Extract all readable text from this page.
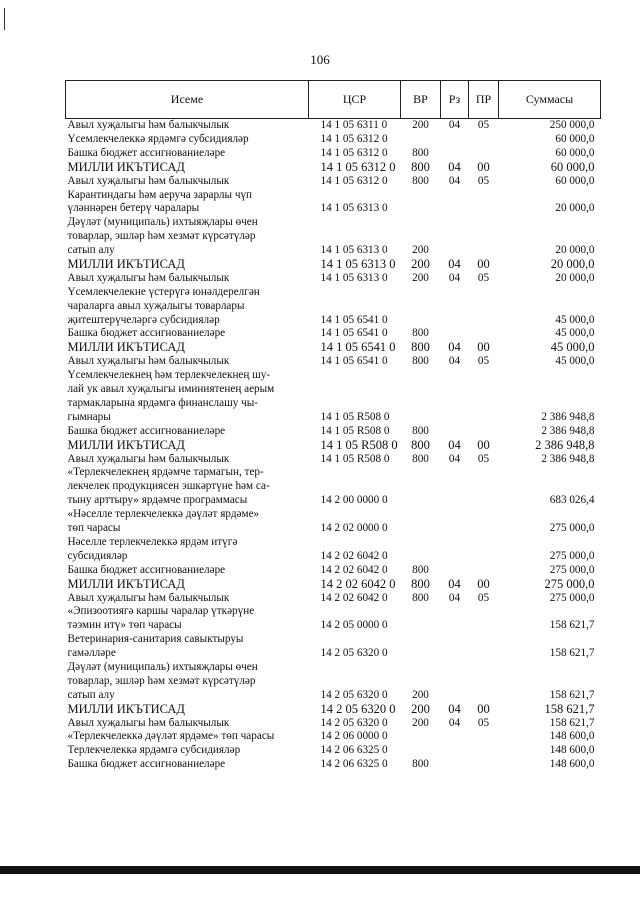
106
Исеме	ЦСР	ВР	Рз	ПР	Суммасы

Авыл хуҗалыгы һәм балыкчылык	14 1 05 6311 0	200	04	05	250 000,0

Үсемлекчелеккә ярдәмгә субсидияләр	14 1 05 6312 0				60 000,0

Башка бюджет ассигнованиеләре	14 1 05 6312 0	800			60 000,0

МИЛЛИ ИКЪТИСАД	14 1 05 6312 0	800	04	00	60 000,0

Авыл хуҗалыгы һәм балыкчылык	14 1 05 6312 0	800	04	05	60 000,0

Карантиндагы һәм аеруча зарарлы чүп
үләннәрен бетерү чаралары	14 1 05 6313 0				20 000,0

Дәүләт (муниципаль) ихтыяҗлары өчен
товарлар, эшләр һәм хезмәт күрсәтүләр
сатып алу	14 1 05 6313 0	200			20 000,0

МИЛЛИ ИКЪТИСАД	14 1 05 6313 0	200	04	00	20 000,0

Авыл хуҗалыгы һәм балыкчылык	14 1 05 6313 0	200	04	05	20 000,0

Үсемлекчелекне үстерүгә юнәлдерелгән
чараларга авыл хуҗалыгы товарлары
җитештерүчеләргә субсидияләр	14 1 05 6541 0				45 000,0

Башка бюджет ассигнованиеләре	14 1 05 6541 0	800			45 000,0

МИЛЛИ ИКЪТИСАД	14 1 05 6541 0	800	04	00	45 000,0

Авыл хуҗалыгы һәм балыкчылык	14 1 05 6541 0	800	04	05	45 000,0

Үсемлекчелекнең һәм терлекчелекнең шу-
лай ук авыл хуҗалыгы иминиятенең аерым
тармакларына ярдәмгә финанслашу чы-
гымнары	14 1 05 R508 0				2 386 948,8

Башка бюджет ассигнованиеләре	14 1 05 R508 0	800			2 386 948,8

МИЛЛИ ИКЪТИСАД	14 1 05 R508 0	800	04	00	2 386 948,8

Авыл хуҗалыгы һәм балыкчылык	14 1 05 R508 0	800	04	05	2 386 948,8

«Терлекчелекнең ярдәмче тармагын, тер-
лекчелек продукциясен эшкәртүне һәм са-
тыну арттыру» ярдәмче программасы	14 2 00 0000 0				683 026,4

«Нәселле терлекчелеккә дәүләт ярдәме»
төп чарасы	14 2 02 0000 0				275 000,0

Нәселле терлекчелеккә ярдәм итүгә
субсидияләр	14 2 02 6042 0				275 000,0

Башка бюджет ассигнованиеләре	14 2 02 6042 0	800			275 000,0

МИЛЛИ ИКЪТИСАД	14 2 02 6042 0	800	04	00	275 000,0

Авыл хуҗалыгы һәм балыкчылык	14 2 02 6042 0	800	04	05	275 000,0

«Эпизоотиягә каршы чаралар үткәрүне
тәэмин итү» төп чарасы	14 2 05 0000 0				158 621,7

Ветеринария-санитария савыктыруы
гамәлләре	14 2 05 6320 0				158 621,7

Дәүләт (муниципаль) ихтыяҗлары өчен
товарлар, эшләр һәм хезмәт күрсәтүләр
сатып алу	14 2 05 6320 0	200			158 621,7

МИЛЛИ ИКЪТИСАД	14 2 05 6320 0	200	04	00	158 621,7

Авыл хуҗалыгы һәм балыкчылык	14 2 05 6320 0	200	04	05	158 621,7

«Терлекчелеккә дәүләт ярдәме» төп чарасы	14 2 06 0000 0				148 600,0

Терлекчелеккә ярдәмгә субсидияләр	14 2 06 6325 0				148 600,0

Башка бюджет ассигнованиеләре	14 2 06 6325 0	800			148 600,0
